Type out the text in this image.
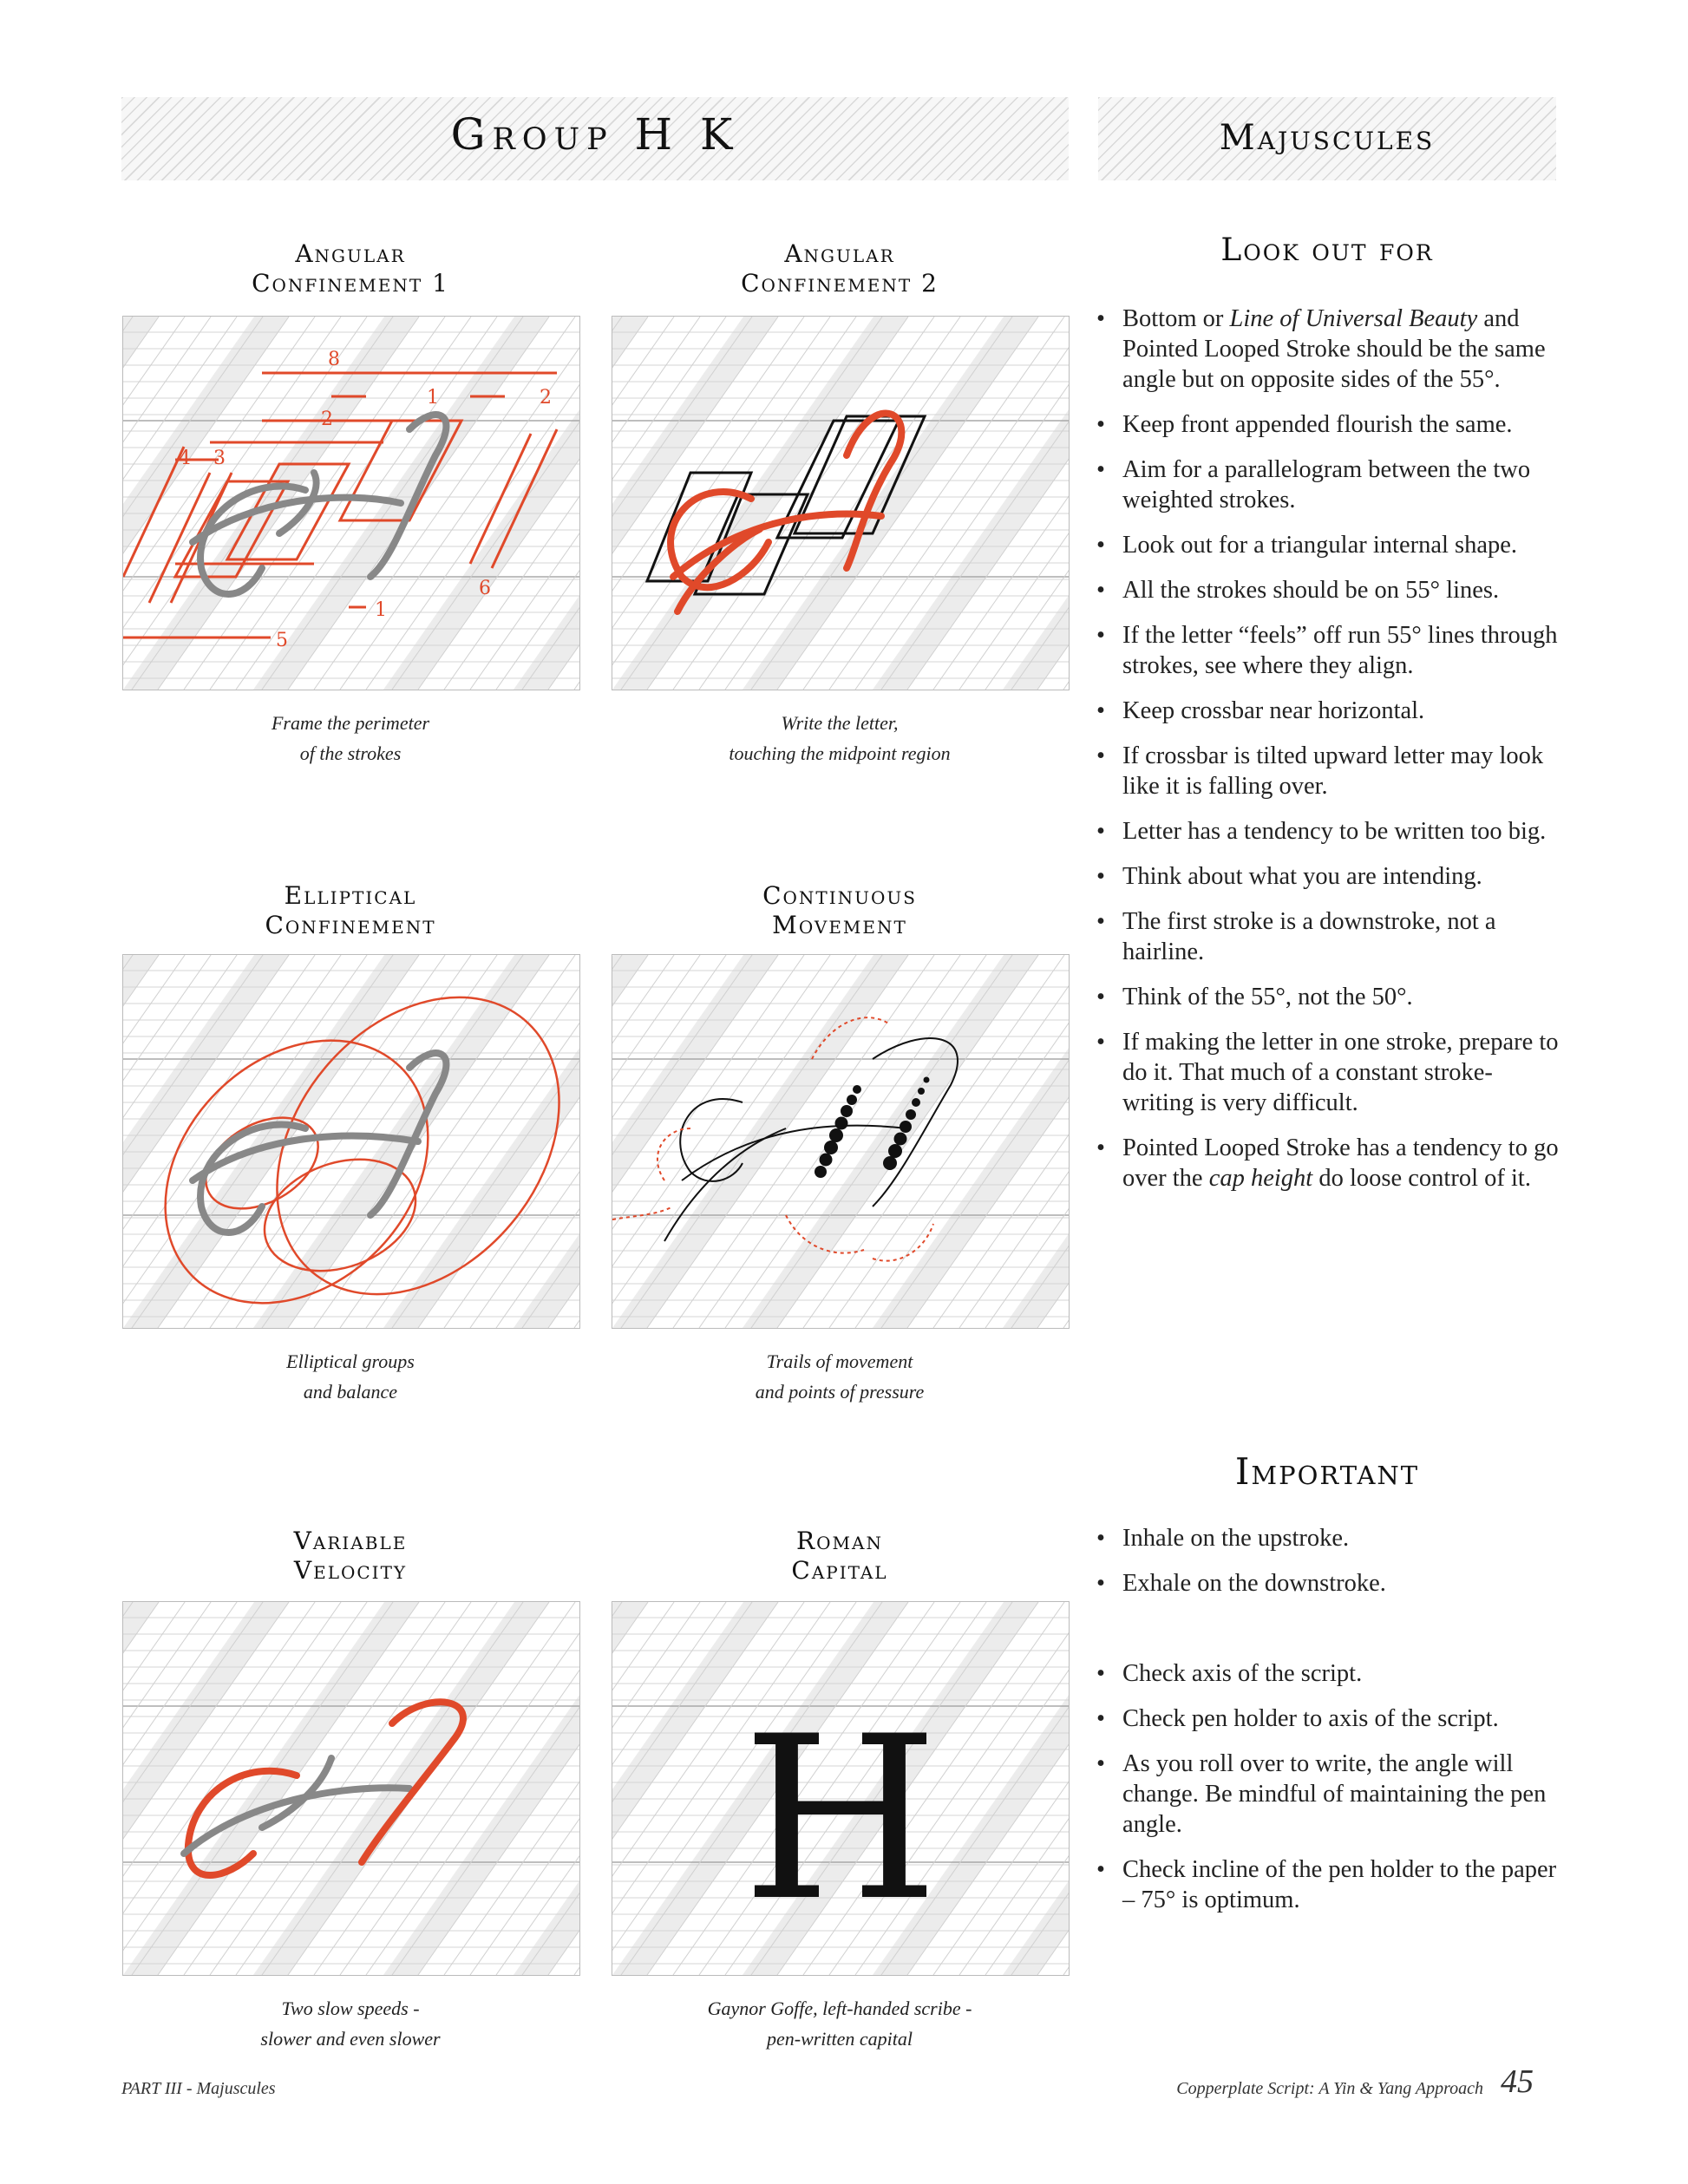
Group H K	Majuscules
Angular
Confinement 1
Angular
Confinement 2
Elliptical
Confinement
Continuous
Movement
Variable
Velocity
Roman
Capital
8
1	2
2
4 3
6
1
5
H
Frame the perimeter
of the strokes
Write the letter,
touching the midpoint region
Elliptical groups
and balance
Trails of movement
and points of pressure
Two slow speeds -
slower and even slower
Gaynor Goffe, left-handed scribe -
pen-written capital
Look out for
• Bottom or Line of Universal Beauty and Pointed Looped Stroke should be the same angle but on opposite sides of the 55°.
• Keep front appended flourish the same.
• Aim for a parallelogram between the two weighted strokes.
• Look out for a triangular internal shape.
• All the strokes should be on 55° lines.
• If the letter “feels” off run 55° lines through strokes, see where they align.
• Keep crossbar near horizontal.
• If crossbar is tilted upward letter may look like it is falling over.
• Letter has a tendency to be written too big.
• Think about what you are intending.
• The first stroke is a downstroke, not a hairline.
• Think of the 55°, not the 50°.
• If making the letter in one stroke, prepare to do it. That much of a constant stroke-writing is very difficult.
• Pointed Looped Stroke has a tendency to go over the cap height do loose control of it.
Important
• Inhale on the upstroke.
• Exhale on the downstroke.
• Check axis of the script.
• Check pen holder to axis of the script.
• As you roll over to write, the angle will change. Be mindful of maintaining the pen angle.
• Check incline of the pen holder to the paper – 75° is optimum.
PART III - Majuscules	Copperplate Script: A Yin & Yang Approach 45
